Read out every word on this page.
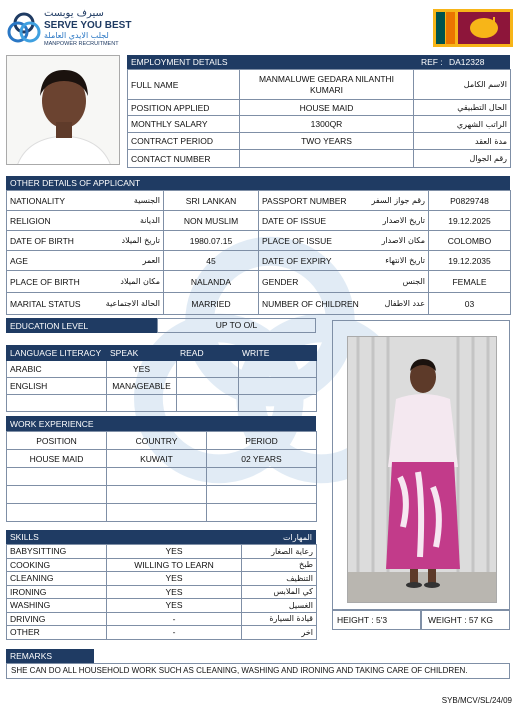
سيرف يوبست
SERVE YOU BEST
لجلب الايدي العاملة
MANPOWER RECRUITMENT
EMPLOYMENT DETAILS	REF : DA12328
FULL NAME	MANMALUWE GEDARA NILANTHI KUMARI	الاسم الكامل
POSITION APPLIED	HOUSE MAID	الحال التطبيقي
MONTHLY SALARY	1300QR	الراتب الشهري
CONTRACT PERIOD	TWO YEARS	مدة العقد
CONTACT NUMBER		رقم الجوال
OTHER DETAILS OF APPLICANT
NATIONALITY الجنسية	SRI LANKAN	PASSPORT NUMBER رقم جواز السفر	P0829748

RELIGION الديانة	NON MUSLIM	DATE OF ISSUE تاريخ الاصدار	19.12.2025

DATE OF BIRTH تاريخ الميلاد	1980.07.15	PLACE OF ISSUE مكان الاصدار	COLOMBO

AGE العمر	45	DATE OF EXPIRY تاريخ الانتهاء	19.12.2035

PLACE OF BIRTH مكان الميلاد	NALANDA	GENDER الجنس	FEMALE

MARITAL STATUS الحالة الاجتماعية	MARRIED	NUMBER OF CHILDREN عدد الاطفال	03
EDUCATION LEVEL	UP TO O/L
LANGUAGE LITERACY	SPEAK	READ	WRITE
ARABIC	YES		
ENGLISH	MANAGEABLE		

WORK EXPERIENCE
POSITION	COUNTRY	PERIOD
HOUSE MAID	KUWAIT	02 YEARS

SKILLS	المهارات
BABYSITTING	YES	رعاية الصغار
COOKING	WILLING TO LEARN	طبخ
CLEANING	YES	التنظيف
IRONING	YES	كي الملابس
WASHING	YES	الغسيل
DRIVING	-	قيادة السيارة
OTHER	-	اخر
HEIGHT : 5'3	WEIGHT : 57 KG
REMARKS
SHE CAN DO ALL HOUSEHOLD WORK SUCH AS CLEANING, WASHING AND IRONING AND TAKING CARE OF CHILDREN.
SYB/MCV/SL/24/09
